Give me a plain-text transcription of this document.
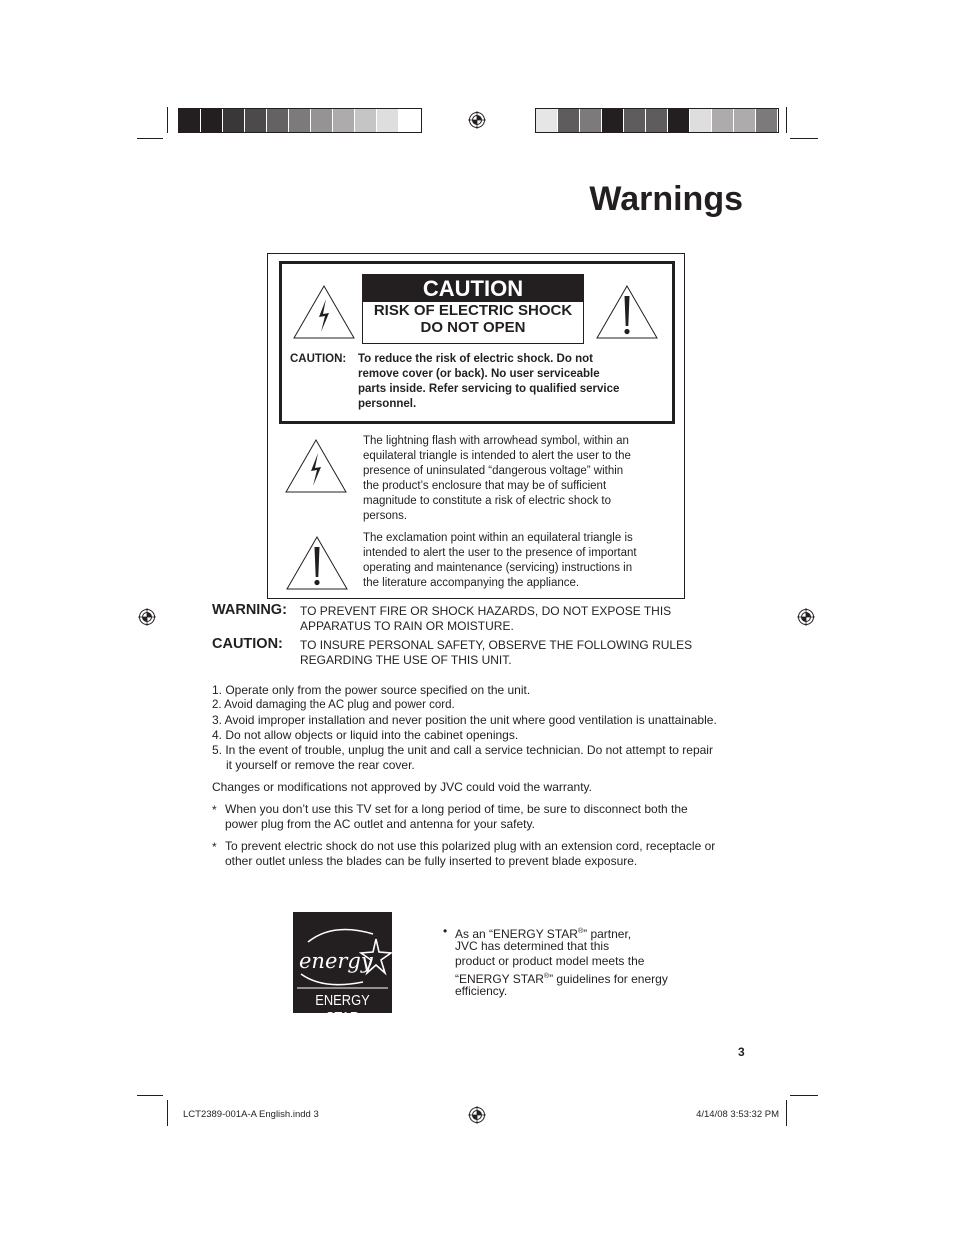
Warnings
CAUTION
RISK OF ELECTRIC SHOCK
DO NOT OPEN
CAUTION: To reduce the risk of electric shock. Do not
remove cover (or back). No user serviceable
parts inside. Refer servicing to qualified service
personnel.
The lightning flash with arrowhead symbol, within an
equilateral triangle is intended to alert the user to the
presence of uninsulated “dangerous voltage” within
the product’s enclosure that may be of sufficient
magnitude to constitute a risk of electric shock to
persons.
The exclamation point within an equilateral triangle is
intended to alert the user to the presence of important
operating and maintenance (servicing) instructions in
the literature accompanying the appliance.
WARNING: TO PREVENT FIRE OR SHOCK HAZARDS, DO NOT EXPOSE THIS
APPARATUS TO RAIN OR MOISTURE.
CAUTION: TO INSURE PERSONAL SAFETY, OBSERVE THE FOLLOWING RULES
REGARDING THE USE OF THIS UNIT.
1. Operate only from the power source specified on the unit.
2. Avoid damaging the AC plug and power cord.
3. Avoid improper installation and never position the unit where good ventilation is unattainable.
4. Do not allow objects or liquid into the cabinet openings.
5. In the event of trouble, unplug the unit and call a service technician. Do not attempt to repair
it yourself or remove the rear cover.
Changes or modifications not approved by JVC could void the warranty.
* When you don’t use this TV set for a long period of time, be sure to disconnect both the
power plug from the AC outlet and antenna for your safety.
* To prevent electric shock do not use this polarized plug with an extension cord, receptacle or
other outlet unless the blades can be fully inserted to prevent blade exposure.
energy
ENERGY STAR
• As an “ENERGY STAR®” partner,
JVC has determined that this
product or product model meets the
“ENERGY STAR®” guidelines for energy
efficiency.
3
LCT2389-001A-A English.indd 3	4/14/08 3:53:32 PM
